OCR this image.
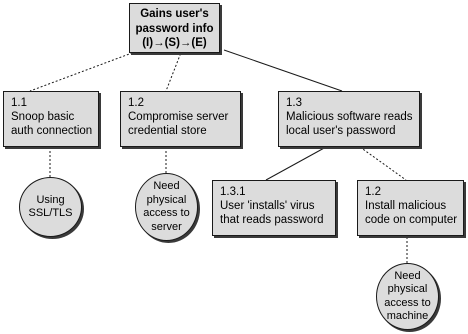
Gains user's
password info
(I)→(S)→(E)
1.1
Snoop basic
auth connection
1.2
Compromise server
credential store
1.3
Malicious software reads
local user's password
1.3.1
User 'installs' virus
that reads password
1.2
Install malicious
code on computer
Using
SSL/TLS
Need
physical
access to
server
Need
physical
access to
machine
